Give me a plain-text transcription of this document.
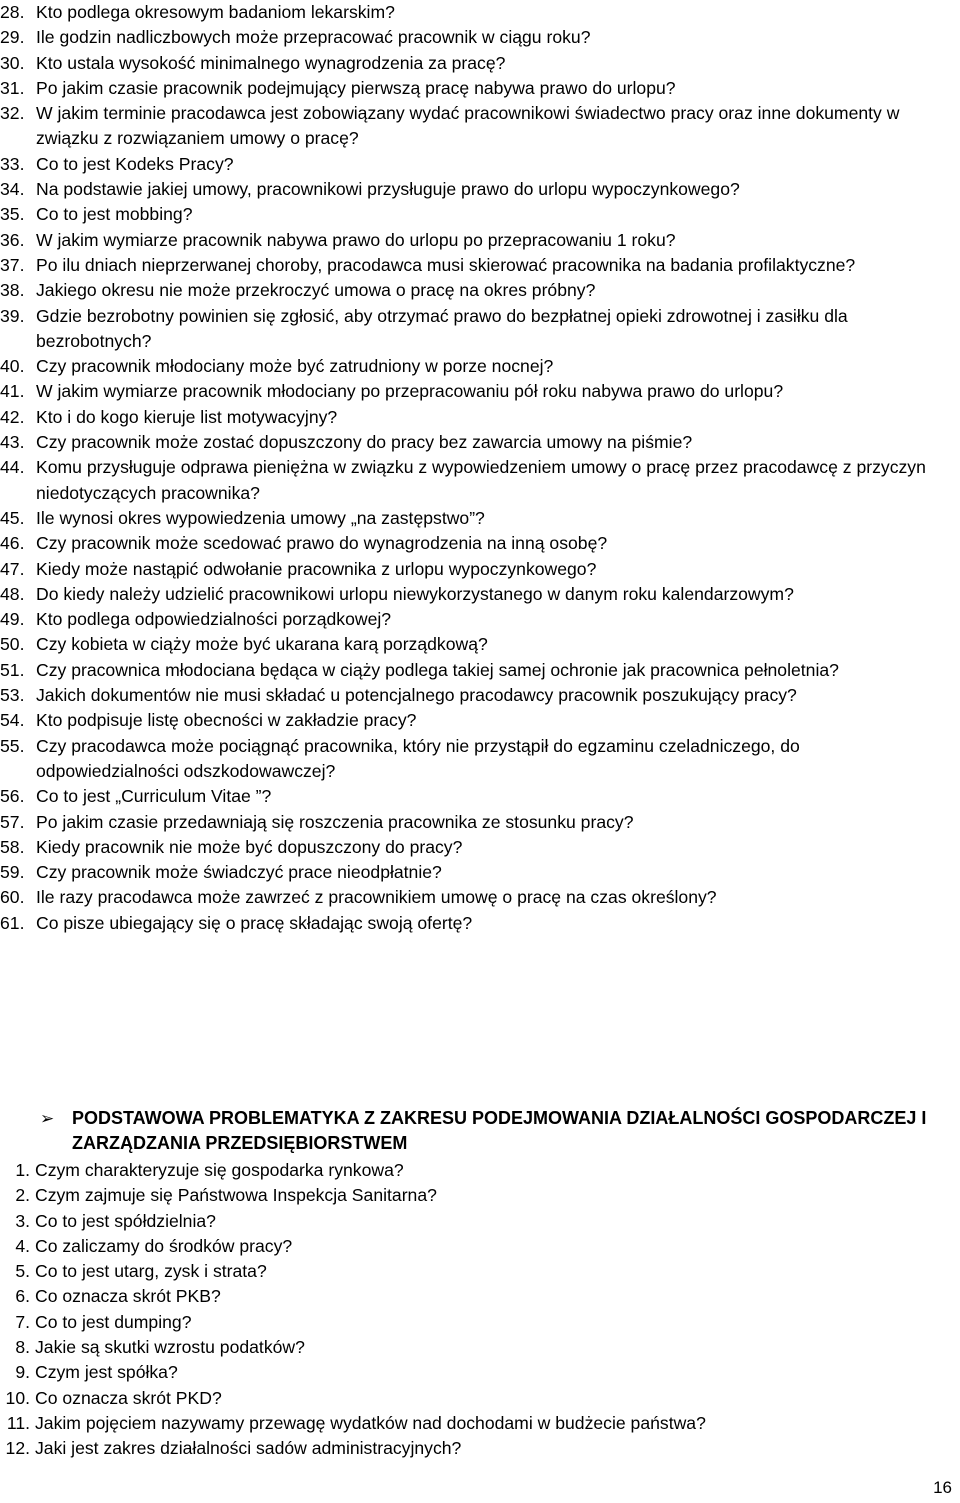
28. Kto podlega okresowym badaniom lekarskim?
29. Ile godzin nadliczbowych może przepracować pracownik w ciągu roku?
30. Kto ustala wysokość minimalnego wynagrodzenia za pracę?
31. Po jakim czasie pracownik podejmujący pierwszą pracę nabywa prawo do urlopu?
32. W jakim terminie pracodawca jest zobowiązany wydać pracownikowi świadectwo pracy oraz inne dokumenty w związku z rozwiązaniem umowy o pracę?
33. Co to jest Kodeks Pracy?
34. Na podstawie jakiej umowy, pracownikowi przysługuje prawo do urlopu wypoczynkowego?
35. Co to jest mobbing?
36. W jakim wymiarze pracownik nabywa prawo do urlopu po przepracowaniu 1 roku?
37. Po ilu dniach nieprzerwanej choroby, pracodawca musi skierować pracownika na badania profilaktyczne?
38. Jakiego okresu nie może przekroczyć umowa o pracę na okres próbny?
39. Gdzie bezrobotny powinien się zgłosić, aby otrzymać prawo do bezpłatnej opieki zdrowotnej i zasiłku dla bezrobotnych?
40. Czy pracownik młodociany może być zatrudniony w porze nocnej?
41. W jakim wymiarze pracownik młodociany po przepracowaniu pół roku nabywa prawo do urlopu?
42. Kto i do kogo kieruje list motywacyjny?
43. Czy pracownik może zostać dopuszczony do pracy bez zawarcia umowy na piśmie?
44. Komu przysługuje odprawa pieniężna w związku z wypowiedzeniem umowy o pracę przez pracodawcę z przyczyn niedotyczących pracownika?
45. Ile wynosi okres wypowiedzenia umowy „na zastępstwo”?
46. Czy pracownik może scedować prawo do wynagrodzenia na inną osobę?
47. Kiedy może nastąpić odwołanie pracownika z urlopu wypoczynkowego?
48. Do kiedy należy udzielić pracownikowi urlopu niewykorzystanego w danym roku kalendarzowym?
49. Kto podlega odpowiedzialności porządkowej?
50. Czy kobieta w ciąży może być ukarana karą porządkową?
51. Czy pracownica młodociana będąca w ciąży podlega takiej samej ochronie jak pracownica pełnoletnia?
53. Jakich dokumentów nie musi składać u potencjalnego pracodawcy pracownik poszukujący pracy?
54. Kto podpisuje listę obecności w zakładzie pracy?
55. Czy pracodawca może pociągnąć pracownika, który nie przystąpił do egzaminu czeladniczego, do odpowiedzialności odszkodowawczej?
56. Co to jest „Curriculum Vitae ”?
57. Po jakim czasie przedawniają się roszczenia pracownika ze stosunku pracy?
58. Kiedy pracownik nie może być dopuszczony do pracy?
59. Czy pracownik może świadczyć prace nieodpłatnie?
60. Ile razy pracodawca może zawrzeć z pracownikiem umowę o pracę na czas określony?
61. Co pisze ubiegający się o pracę składając swoją ofertę?
➢ PODSTAWOWA PROBLEMATYKA Z ZAKRESU PODEJMOWANIA DZIAŁALNOŚCI GOSPODARCZEJ I ZARZĄDZANIA PRZEDSIĘBIORSTWEM
1. Czym charakteryzuje się gospodarka rynkowa?
2. Czym zajmuje się Państwowa Inspekcja Sanitarna?
3. Co to jest spółdzielnia?
4. Co zaliczamy do środków pracy?
5. Co to jest utarg, zysk i strata?
6. Co oznacza skrót PKB?
7. Co to jest dumping?
8. Jakie są skutki wzrostu podatków?
9. Czym jest spółka?
10. Co oznacza skrót PKD?
11. Jakim pojęciem nazywamy przewagę wydatków nad dochodami w budżecie państwa?
12. Jaki jest zakres działalności sadów administracyjnych?
16
